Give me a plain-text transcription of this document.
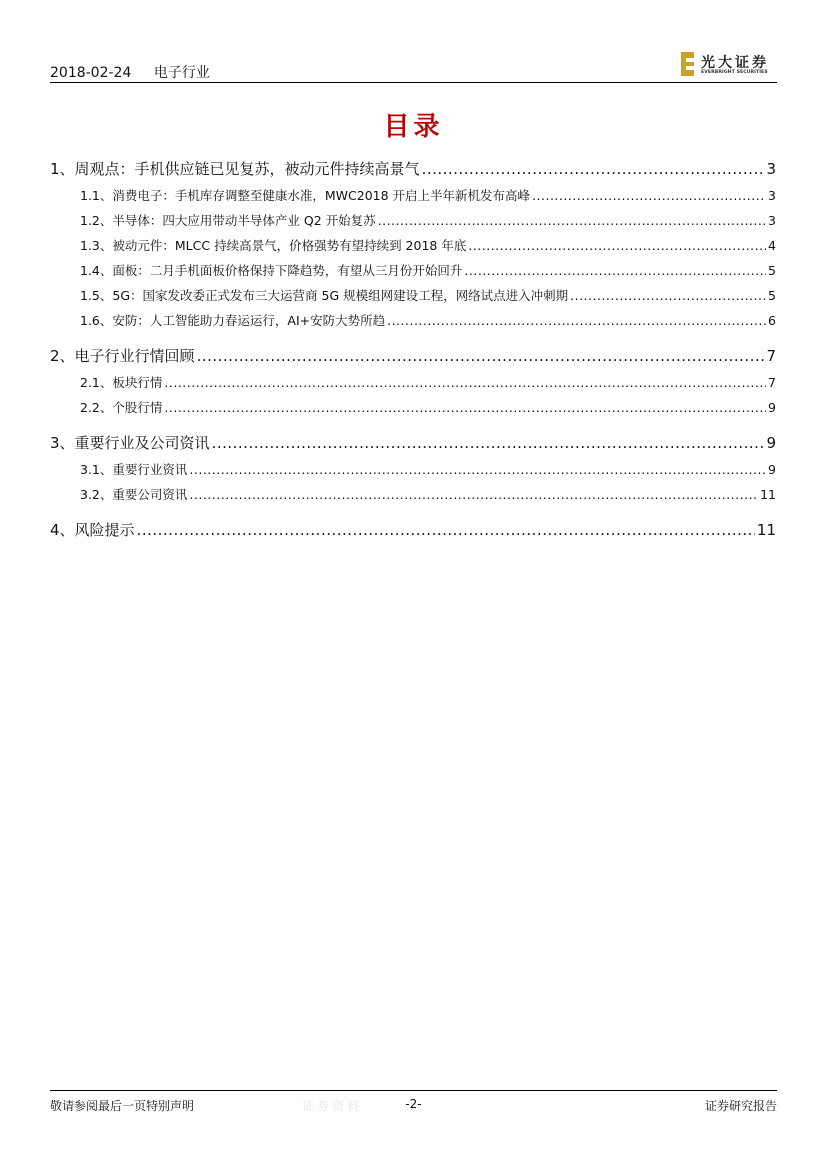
2018-02-24 电子行业
光大证券
EVERBRIGHT SECURITIES
目录
1、 周观点：手机供应链已见复苏，被动元件持续高景气 .....	3
1.1、 消费电子：手机库存调整至健康水准，MWC2018 开启上半年新机发布高峰 .....	3
1.2、 半导体：四大应用带动半导体产业 Q2 开始复苏 .....	3
1.3、 被动元件：MLCC 持续高景气，价格强势有望持续到 2018 年底 .....	4
1.4、 面板：二月手机面板价格保持下降趋势，有望从三月份开始回升 .....	5
1.5、 5G：国家发改委正式发布三大运营商 5G 规模组网建设工程，网络试点进入冲刺期 .....	5
1.6、 安防：人工智能助力春运运行，AI+安防大势所趋 .....	6
2、 电子行业行情回顾 .....	7
2.1、 板块行情 .....	7
2.2、 个股行情 .....	9
3、 重要行业及公司资讯 .....	9
3.1、 重要行业资讯 .....	9
3.2、 重要公司资讯 .....	11
4、 风险提示 .....	11
敬请参阅最后一页特别声明	证券资料	-2-	证券研究报告
